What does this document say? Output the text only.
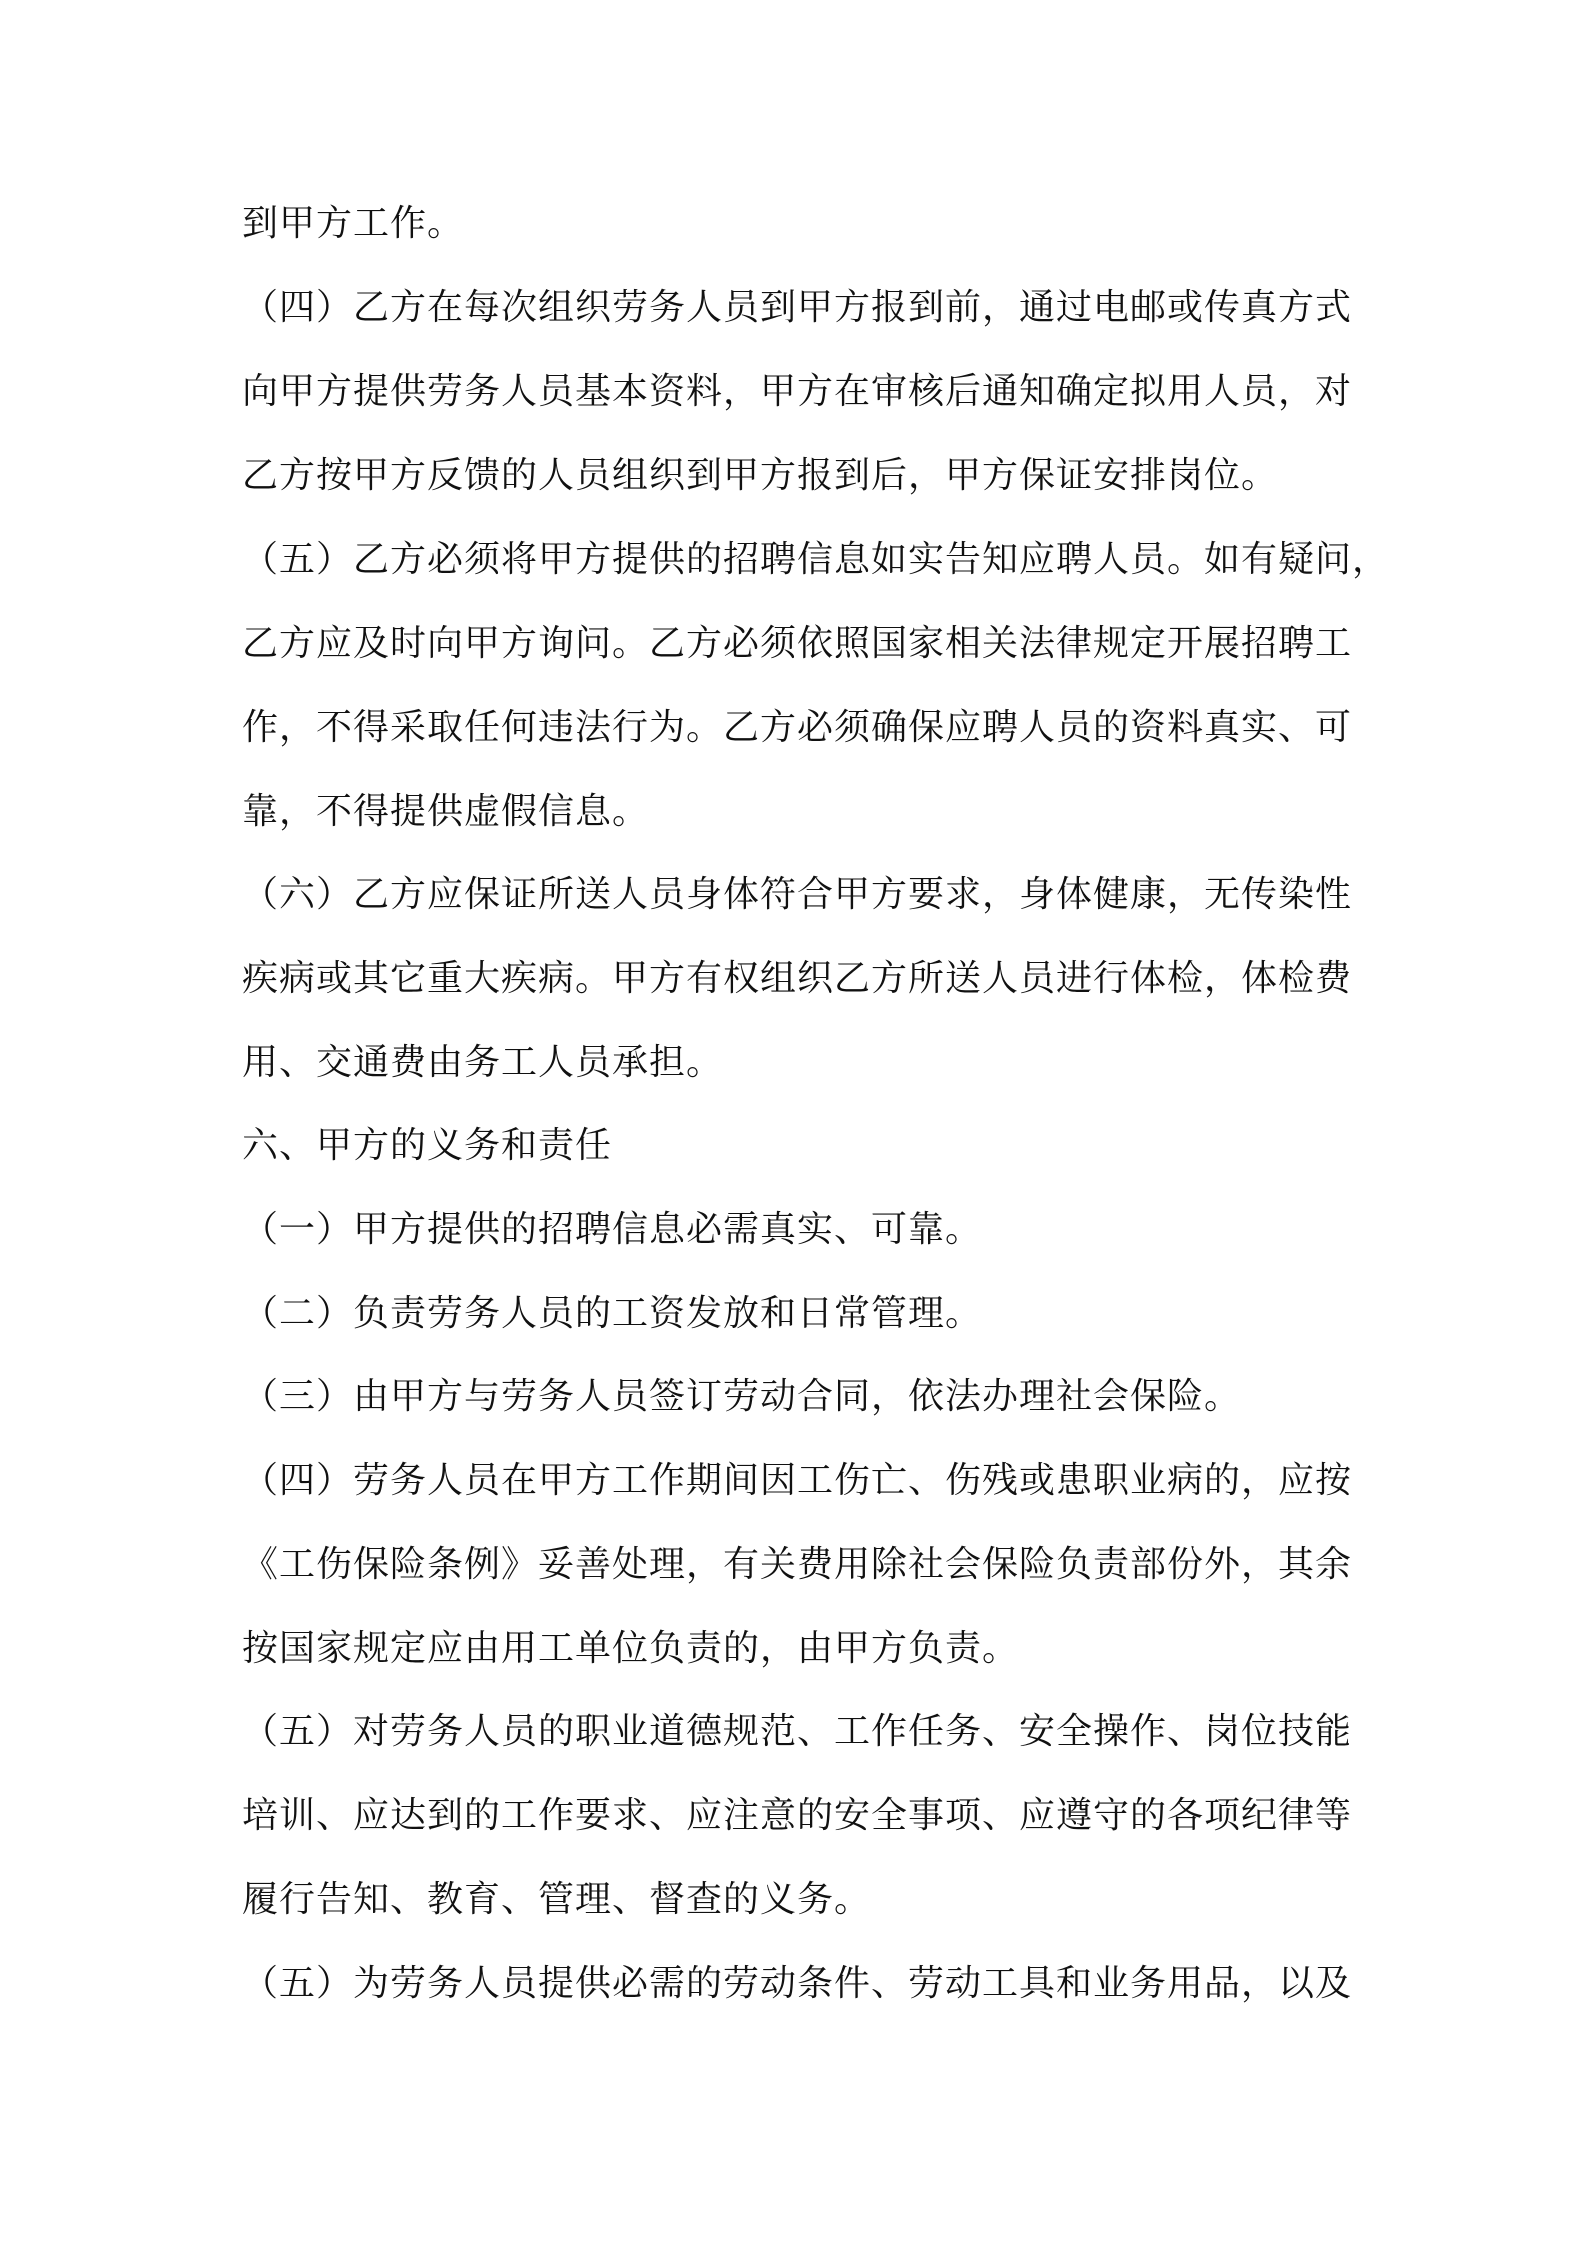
到甲方工作。
（四）乙方在每次组织劳务人员到甲方报到前，通过电邮或传真方式
向甲方提供劳务人员基本资料，甲方在审核后通知确定拟用人员，对
乙方按甲方反馈的人员组织到甲方报到后，甲方保证安排岗位。
（五）乙方必须将甲方提供的招聘信息如实告知应聘人员。如有疑问，
乙方应及时向甲方询问。乙方必须依照国家相关法律规定开展招聘工
作，不得采取任何违法行为。乙方必须确保应聘人员的资料真实、可
靠，不得提供虚假信息。
（六）乙方应保证所送人员身体符合甲方要求，身体健康，无传染性
疾病或其它重大疾病。甲方有权组织乙方所送人员进行体检，体检费
用、交通费由务工人员承担。
六、甲方的义务和责任
（一）甲方提供的招聘信息必需真实、可靠。
（二）负责劳务人员的工资发放和日常管理。
（三）由甲方与劳务人员签订劳动合同，依法办理社会保险。
（四）劳务人员在甲方工作期间因工伤亡、伤残或患职业病的，应按
《工伤保险条例》妥善处理，有关费用除社会保险负责部份外，其余
按国家规定应由用工单位负责的，由甲方负责。
（五）对劳务人员的职业道德规范、工作任务、安全操作、岗位技能
培训、应达到的工作要求、应注意的安全事项、应遵守的各项纪律等
履行告知、教育、管理、督查的义务。
（五）为劳务人员提供必需的劳动条件、劳动工具和业务用品，以及
